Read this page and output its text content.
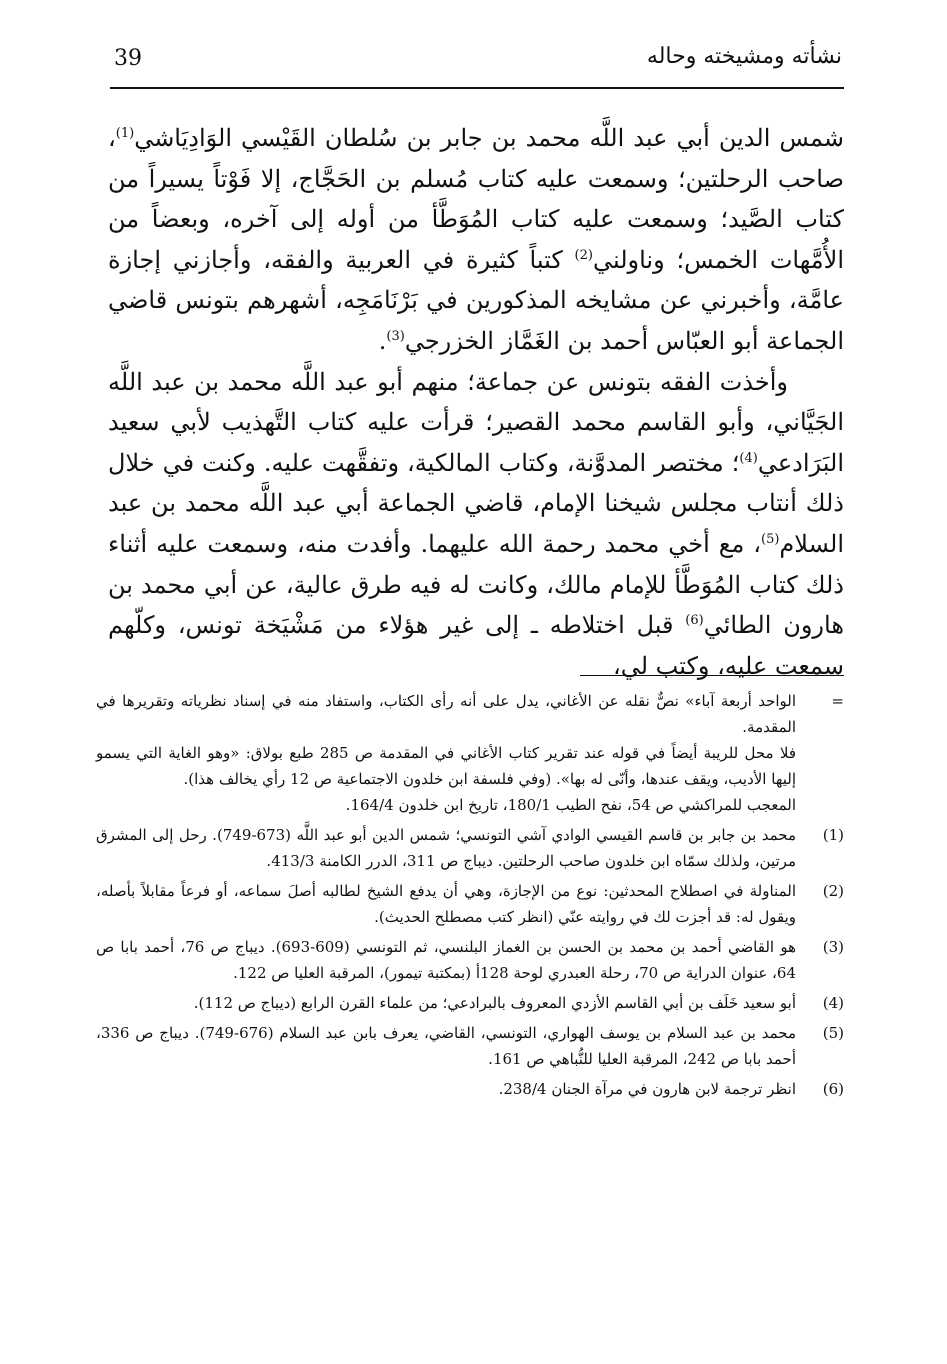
39	نشأته ومشيخته وحاله

شمس الدين أبي عبد اللَّه محمد بن جابر بن سُلطان القَيْسي الوَادِيَاشي$^{(1)}$، صاحب الرحلتين؛ وسمعت عليه كتاب مُسلم بن الحَجَّاج، إلا فَوْتاً يسيراً من كتاب الصَّيد؛ وسمعت عليه كتاب المُوَطَّأ من أوله إلى آخره، وبعضاً من الأُمَّهات الخمس؛ وناولني$^{(2)}$ كتباً كثيرة في العربية والفقه، وأجازني إجازة عامَّة، وأخبرني عن مشايخه المذكورين في بَرْنَامَجِه، أشهرهم بتونس قاضي الجماعة أبو العبّاس أحمد بن الغَمَّاز الخزرجي$^{(3)}$.

وأخذت الفقه بتونس عن جماعة؛ منهم أبو عبد اللَّه محمد بن عبد اللَّه الجَيَّاني، وأبو القاسم محمد القصير؛ قرأت عليه كتاب التَّهذيب لأبي سعيد البَرَادعي$^{(4)}$؛ مختصر المدوَّنة، وكتاب المالكية، وتفقَّهت عليه. وكنت في خلال ذلك أنتاب مجلس شيخنا الإمام، قاضي الجماعة أبي عبد اللَّه محمد بن عبد السلام$^{(5)}$، مع أخي محمد رحمة الله عليهما. وأفدت منه، وسمعت عليه أثناء ذلك كتاب المُوَطَّأ للإمام مالك، وكانت له فيه طرق عالية، عن أبي محمد بن هارون الطائي$^{(6)}$ قبل اختلاطه ـ إلى غير هؤلاء من مَشْيَخة تونس، وكلّهم سمعت عليه، وكتب لي،

=

الواحد أربعة آباء» نصٌّ نقله عن الأغاني، يدل على أنه رأى الكتاب، واستفاد منه في إسناد نظرياته وتقريرها في المقدمة.

فلا محل للريبة أيضاً في قوله عند تقرير كتاب الأغاني في المقدمة ص 285 طبع بولاق: «وهو الغاية التي يسمو إليها الأديب، ويقف عندها، وأنّى له بها». (وفي فلسفة ابن خلدون الاجتماعية ص 12 رأي يخالف هذا).

المعجب للمراكشي ص 54، نفح الطيب 180/1، تاريخ ابن خلدون 164/4.

(1)
محمد بن جابر بن قاسم القيسي الوادي آشي التونسي؛ شمس الدين أبو عبد اللَّه (673-749). رحل إلى المشرق مرتين، ولذلك سمّاه ابن خلدون صاحب الرحلتين. ديباج ص 311، الدرر الكامنة 413/3.
(2)
المناولة في اصطلاح المحدثين: نوع من الإجازة، وهي أن يدفع الشيخ لطالبه أصلَ سماعه، أو فرعاً مقابلاً بأصله، ويقول له: قد أجزت لك في روايته عنّي (انظر كتب مصطلح الحديث).
(3)
هو القاضي أحمد بن محمد بن الحسن بن الغماز البلنسي، ثم التونسي (609-693). ديباج ص 76، أحمد بابا ص 64، عنوان الدراية ص 70، رحلة العبدري لوحة 128أ (بمكتبة تيمور)، المرقبة العليا ص 122.
(4)
أبو سعيد خَلَف بن أبي القاسم الأزدي المعروف بالبرادعي؛ من علماء القرن الرابع (ديباج ص 112).
(5)
محمد بن عبد السلام بن يوسف الهواري، التونسي، القاضي، يعرف بابن عبد السلام (676-749). ديباج ص 336، أحمد بابا ص 242، المرقبة العليا للنُّباهي ص 161.
(6)
انظر ترجمة لابن هارون في مرآة الجنان 238/4.
